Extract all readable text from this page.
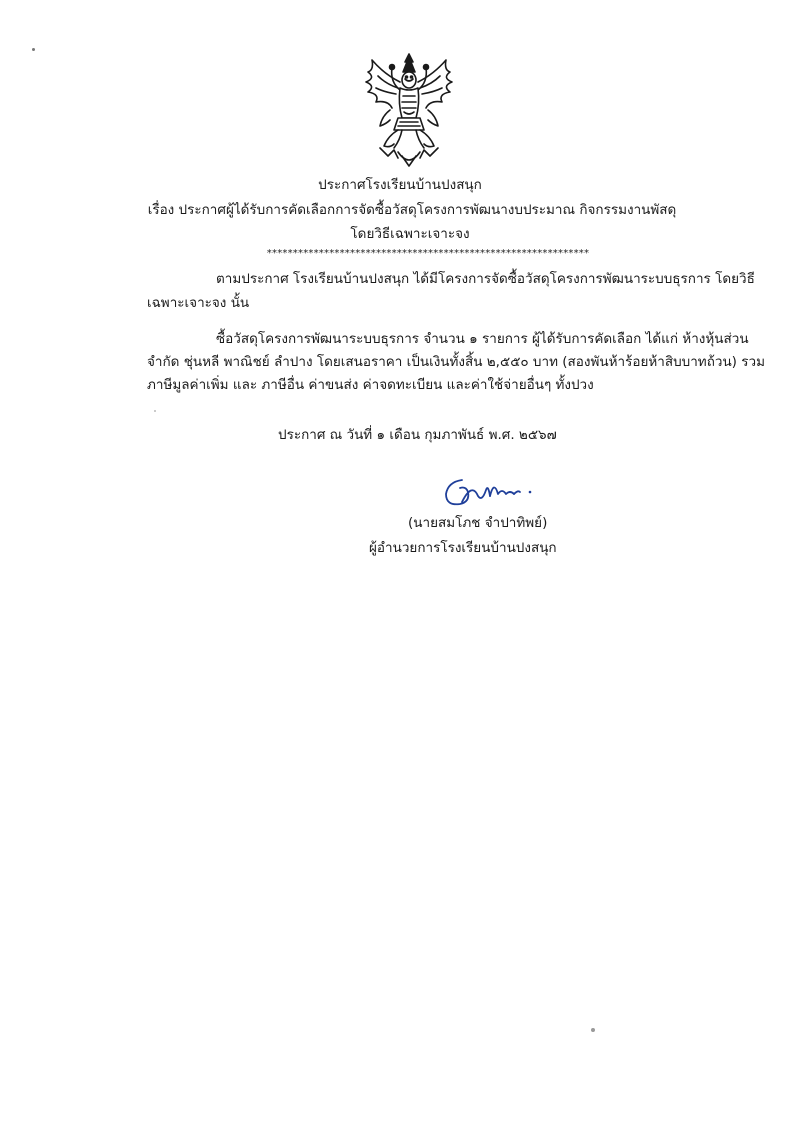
ประกาศโรงเรียนบ้านปงสนุก
เรื่อง ประกาศผู้ได้รับการคัดเลือกการจัดซื้อวัสดุโครงการพัฒนางบประมาณ กิจกรรมงานพัสดุ
โดยวิธีเฉพาะเจาะจง
**************************************************************
ตามประกาศ โรงเรียนบ้านปงสนุก ได้มีโครงการจัดซื้อวัสดุโครงการพัฒนาระบบธุรการ โดยวิธี
เฉพาะเจาะจง นั้น
ซื้อวัสดุโครงการพัฒนาระบบธุรการ จำนวน ๑ รายการ ผู้ได้รับการคัดเลือก ได้แก่ ห้างหุ้นส่วน
จำกัด ชุ่นหลี พาณิชย์ ลำปาง โดยเสนอราคา เป็นเงินทั้งสิ้น ๒,๕๕๐ บาท (สองพันห้าร้อยห้าสิบบาทถ้วน) รวม
ภาษีมูลค่าเพิ่ม และ ภาษีอื่น ค่าขนส่ง ค่าจดทะเบียน และค่าใช้จ่ายอื่นๆ ทั้งปวง
ประกาศ ณ วันที่ ๑ เดือน กุมภาพันธ์ พ.ศ. ๒๕๖๗
(นายสมโภช จำปาทิพย์)
ผู้อำนวยการโรงเรียนบ้านปงสนุก
